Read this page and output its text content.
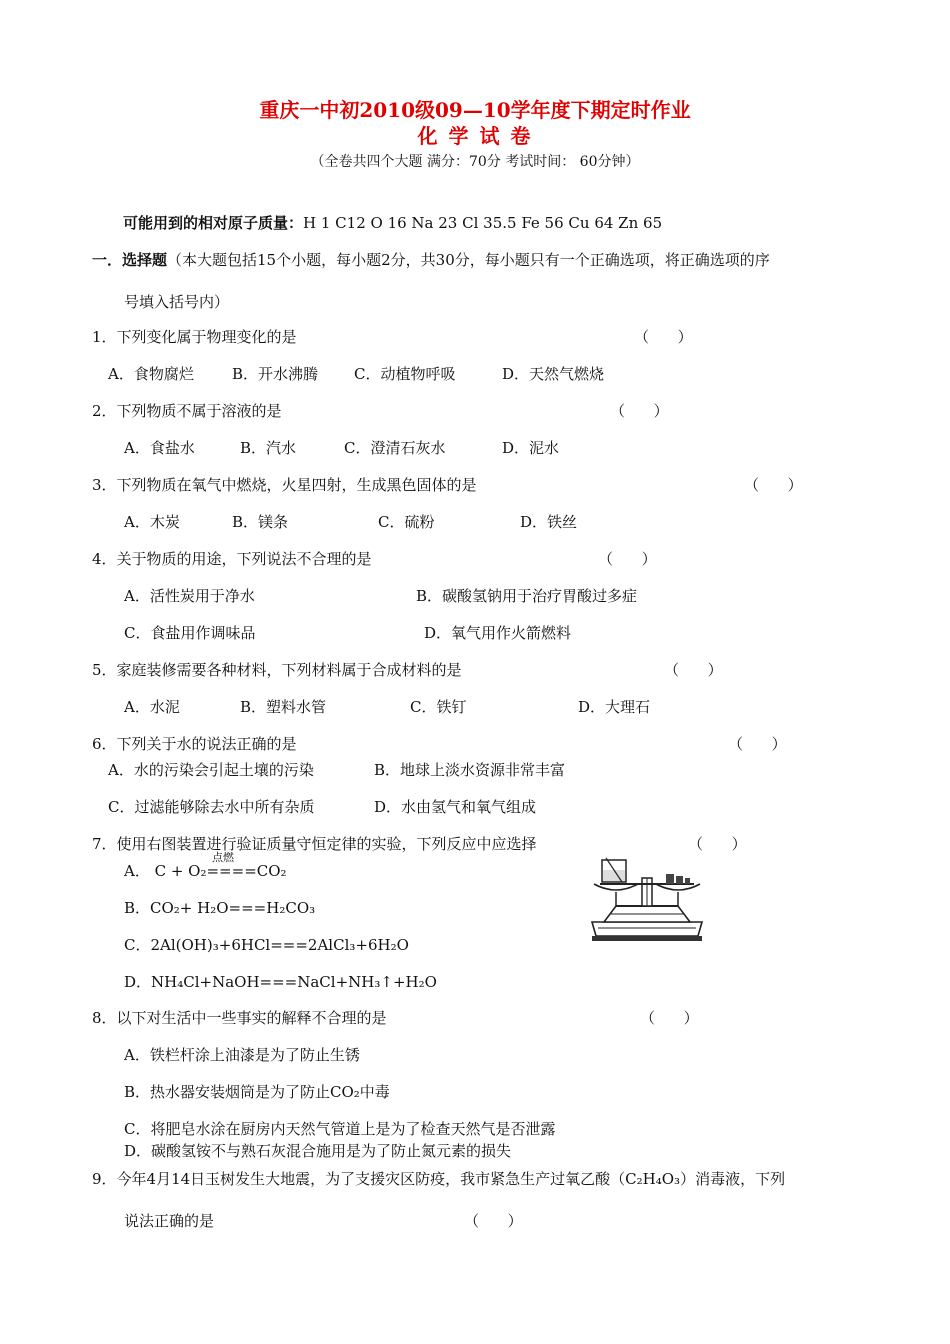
重庆一中初2010级09—10学年度下期定时作业
化 学 试 卷
（全卷共四个大题 满分：70分 考试时间： 60分钟）
可能用到的相对原子质量：H 1 C12 O 16 Na 23 Cl 35.5 Fe 56 Cu 64 Zn 65
一．选择题（本大题包括15个小题，每小题2分，共30分，每小题只有一个正确选项，将正确选项的序
号填入括号内）
1．下列变化属于物理变化的是	（      ）
A．食物腐烂	B．开水沸腾 C．动植物呼吸	D．天然气燃烧
2．下列物质不属于溶液的是	（      ）
A．食盐水	B．汽水	C．澄清石灰水	D．泥水
3．下列物质在氧气中燃烧，火星四射，生成黑色固体的是	（      ）
A．木炭	B．镁条	C．硫粉	D．铁丝
4．关于物质的用途，下列说法不合理的是	（      ）
A．活性炭用于净水	B．碳酸氢钠用于治疗胃酸过多症
C．食盐用作调味品	D．氧气用作火箭燃料
5．家庭装修需要各种材料，下列材料属于合成材料的是	（      ）
A．水泥	B．塑料水管	C．铁钉	D．大理石
6．下列关于水的说法正确的是	（      ）
A．水的污染会引起土壤的污染	B．地球上淡水资源非常丰富
C．过滤能够除去水中所有杂质	D．水由氢气和氧气组成
7．使用右图装置进行验证质量守恒定律的实验，下列反应中应选择	（      ）
点燃
A． C + O₂====CO₂
B．CO₂+ H₂O===H₂CO₃
C．2Al(OH)₃+6HCl===2AlCl₃+6H₂O
D．NH₄Cl+NaOH===NaCl+NH₃↑+H₂O
8．以下对生活中一些事实的解释不合理的是	（      ）
A．铁栏杆涂上油漆是为了防止生锈
B．热水器安装烟筒是为了防止CO₂中毒
C．将肥皂水涂在厨房内天然气管道上是为了检查天然气是否泄露
D．碳酸氢铵不与熟石灰混合施用是为了防止氮元素的损失
9．今年4月14日玉树发生大地震，为了支援灾区防疫，我市紧急生产过氧乙酸（C₂H₄O₃）消毒液，下列
说法正确的是	（      ）
